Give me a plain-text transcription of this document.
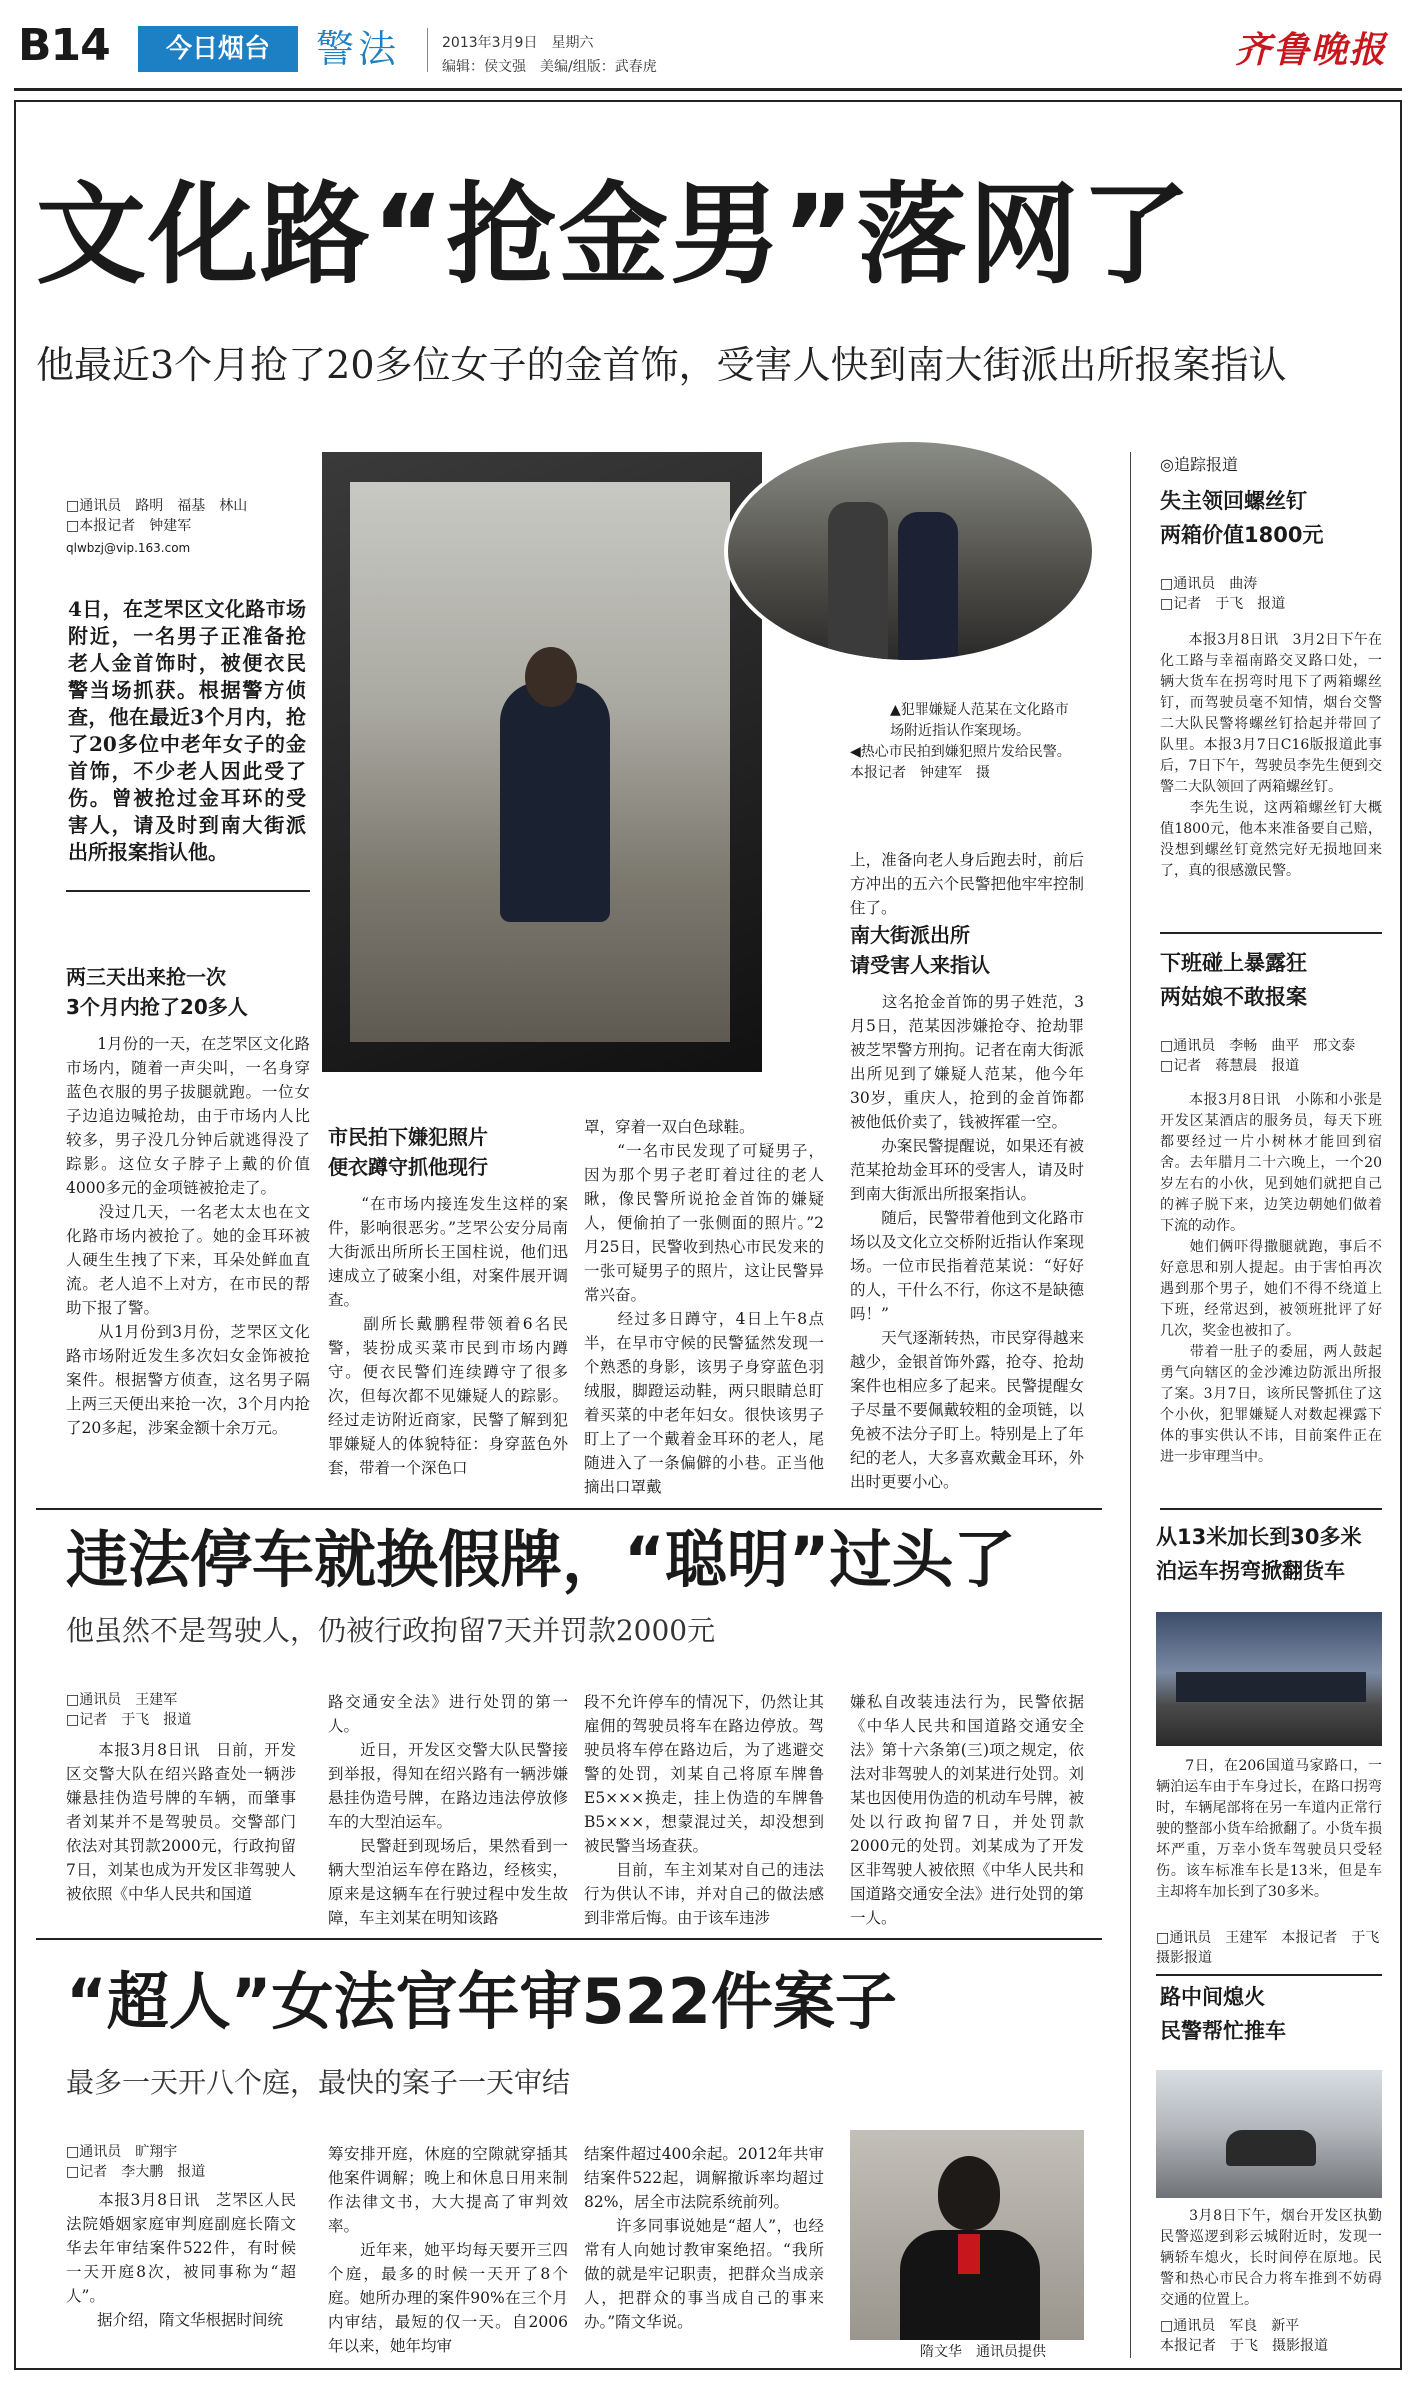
B14	今日烟台	警法	2013年3月9日　星期六
编辑：侯文强　美编/组版：武春虎	齐鲁晚报
文化路“抢金男”落网了
他最近3个月抢了20多位女子的金首饰，受害人快到南大街派出所报案指认
□通讯员　路明　福基　林山
□本报记者　钟建军
qlwbzj@vip.163.com
4日，在芝罘区文化路市场附近，一名男子正准备抢老人金首饰时，被便衣民警当场抓获。根据警方侦查，他在最近3个月内，抢了20多位中老年女子的金首饰，不少老人因此受了伤。曾被抢过金耳环的受害人，请及时到南大街派出所报案指认他。
两三天出来抢一次
3个月内抢了20多人
　　1月份的一天，在芝罘区文化路市场内，随着一声尖叫，一名身穿蓝色衣服的男子拔腿就跑。一位女子边追边喊抢劫，由于市场内人比较多，男子没几分钟后就逃得没了踪影。这位女子脖子上戴的价值4000多元的金项链被抢走了。
　　没过几天，一名老太太也在文化路市场内被抢了。她的金耳环被人硬生生拽了下来，耳朵处鲜血直流。老人追不上对方，在市民的帮助下报了警。
　　从1月份到3月份，芝罘区文化路市场附近发生多次妇女金饰被抢案件。根据警方侦查，这名男子隔上两三天便出来抢一次，3个月内抢了20多起，涉案金额十余万元。
▲犯罪嫌疑人范某在文化路市场附近指认作案现场。
◀热心市民拍到嫌犯照片发给民警。　本报记者　钟建军　摄
市民拍下嫌犯照片
便衣蹲守抓他现行
　　“在市场内接连发生这样的案件，影响很恶劣。”芝罘公安分局南大街派出所所长王国柱说，他们迅速成立了破案小组，对案件展开调查。
　　副所长戴鹏程带领着6名民警，装扮成买菜市民到市场内蹲守。便衣民警们连续蹲守了很多次，但每次都不见嫌疑人的踪影。经过走访附近商家，民警了解到犯罪嫌疑人的体貌特征：身穿蓝色外套，带着一个深色口
罩，穿着一双白色球鞋。
　　“一名市民发现了可疑男子，因为那个男子老盯着过往的老人瞅，像民警所说抢金首饰的嫌疑人，便偷拍了一张侧面的照片。”2月25日，民警收到热心市民发来的一张可疑男子的照片，这让民警异常兴奋。
　　经过多日蹲守，4日上午8点半，在早市守候的民警猛然发现一个熟悉的身影，该男子身穿蓝色羽绒服，脚蹬运动鞋，两只眼睛总盯着买菜的中老年妇女。很快该男子盯上了一个戴着金耳环的老人，尾随进入了一条偏僻的小巷。正当他摘出口罩戴
上，准备向老人身后跑去时，前后方冲出的五六个民警把他牢牢控制住了。
南大街派出所
请受害人来指认
　　这名抢金首饰的男子姓范，3月5日，范某因涉嫌抢夺、抢劫罪被芝罘警方刑拘。记者在南大街派出所见到了嫌疑人范某，他今年30岁，重庆人，抢到的金首饰都被他低价卖了，钱被挥霍一空。
　　办案民警提醒说，如果还有被范某抢劫金耳环的受害人，请及时到南大街派出所报案指认。
　　随后，民警带着他到文化路市场以及文化立交桥附近指认作案现场。一位市民指着范某说：“好好的人，干什么不行，你这不是缺德吗！”
　　天气逐渐转热，市民穿得越来越少，金银首饰外露，抢夺、抢劫案件也相应多了起来。民警提醒女子尽量不要佩戴较粗的金项链，以免被不法分子盯上。特别是上了年纪的老人，大多喜欢戴金耳环，外出时更要小心。
违法停车就换假牌，“聪明”过头了
他虽然不是驾驶人，仍被行政拘留7天并罚款2000元
□通讯员　王建军
□记者　于飞　报道
　　本报3月8日讯　日前，开发区交警大队在绍兴路查处一辆涉嫌悬挂伪造号牌的车辆，而肇事者刘某并不是驾驶员。交警部门依法对其罚款2000元，行政拘留7日，刘某也成为开发区非驾驶人被依照《中华人民共和国道
路交通安全法》进行处罚的第一人。
　　近日，开发区交警大队民警接到举报，得知在绍兴路有一辆涉嫌悬挂伪造号牌，在路边违法停放修车的大型泊运车。
　　民警赶到现场后，果然看到一辆大型泊运车停在路边，经核实，原来是这辆车在行驶过程中发生故障，车主刘某在明知该路
段不允许停车的情况下，仍然让其雇佣的驾驶员将车在路边停放。驾驶员将车停在路边后，为了逃避交警的处罚，刘某自己将原车牌鲁E5×××换走，挂上伪造的车牌鲁B5×××，想蒙混过关，却没想到被民警当场查获。
　　目前，车主刘某对自己的违法行为供认不讳，并对自己的做法感到非常后悔。由于该车违涉
嫌私自改装违法行为，民警依据《中华人民共和国道路交通安全法》第十六条第(三)项之规定，依法对非驾驶人的刘某进行处罚。刘某也因使用伪造的机动车号牌，被处以行政拘留7日，并处罚款2000元的处罚。刘某成为了开发区非驾驶人被依照《中华人民共和国道路交通安全法》进行处罚的第一人。
“超人”女法官年审522件案子
最多一天开八个庭，最快的案子一天审结
□通讯员　旷翔宇
□记者　李大鹏　报道
　　本报3月8日讯　芝罘区人民法院婚姻家庭审判庭副庭长隋文华去年审结案件522件，有时候一天开庭8次，被同事称为“超人”。
　　据介绍，隋文华根据时间统
筹安排开庭，休庭的空隙就穿插其他案件调解；晚上和休息日用来制作法律文书，大大提高了审判效率。
　　近年来，她平均每天要开三四个庭，最多的时候一天开了8个庭。她所办理的案件90%在三个月内审结，最短的仅一天。自2006年以来，她年均审
结案件超过400余起。2012年共审结案件522起，调解撤诉率均超过82%，居全市法院系统前列。
　　许多同事说她是“超人”，也经常有人向她讨教审案绝招。“我所做的就是牢记职责，把群众当成亲人，把群众的事当成自己的事来办。”隋文华说。
隋文华　通讯员提供
◎追踪报道
失主领回螺丝钉
两箱价值1800元
□通讯员　曲涛
□记者　于飞　报道
　　本报3月8日讯　3月2日下午在化工路与幸福南路交叉路口处，一辆大货车在拐弯时甩下了两箱螺丝钉，而驾驶员毫不知情，烟台交警二大队民警将螺丝钉拾起并带回了队里。本报3月7日C16版报道此事后，7日下午，驾驶员李先生便到交警二大队领回了两箱螺丝钉。
　　李先生说，这两箱螺丝钉大概值1800元，他本来准备要自己赔，没想到螺丝钉竟然完好无损地回来了，真的很感激民警。
下班碰上暴露狂
两姑娘不敢报案
□通讯员　李畅　曲平　邢文泰
□记者　蒋慧晨　报道
　　本报3月8日讯　小陈和小张是开发区某酒店的服务员，每天下班都要经过一片小树林才能回到宿舍。去年腊月二十六晚上，一个20岁左右的小伙，见到她们就把自己的裤子脱下来，边笑边朝她们做着下流的动作。
　　她们俩吓得撒腿就跑，事后不好意思和别人提起。由于害怕再次遇到那个男子，她们不得不绕道上下班，经常迟到，被领班批评了好几次，奖金也被扣了。
　　带着一肚子的委屈，两人鼓起勇气向辖区的金沙滩边防派出所报了案。3月7日，该所民警抓住了这个小伙，犯罪嫌疑人对数起裸露下体的事实供认不讳，目前案件正在进一步审理当中。
从13米加长到30多米
泊运车拐弯掀翻货车
　　7日，在206国道马家路口，一辆泊运车由于车身过长，在路口拐弯时，车辆尾部将在另一车道内正常行驶的整部小货车给掀翻了。小货车损坏严重，万幸小货车驾驶员只受轻伤。该车标准车长是13米，但是车主却将车加长到了30多米。
□通讯员　王建军　本报记者　于飞　摄影报道
路中间熄火
民警帮忙推车
　　3月8日下午，烟台开发区执勤民警巡逻到彩云城附近时，发现一辆轿车熄火，长时间停在原地。民警和热心市民合力将车推到不妨碍交通的位置上。
□通讯员　军良　新平
本报记者　于飞　摄影报道
